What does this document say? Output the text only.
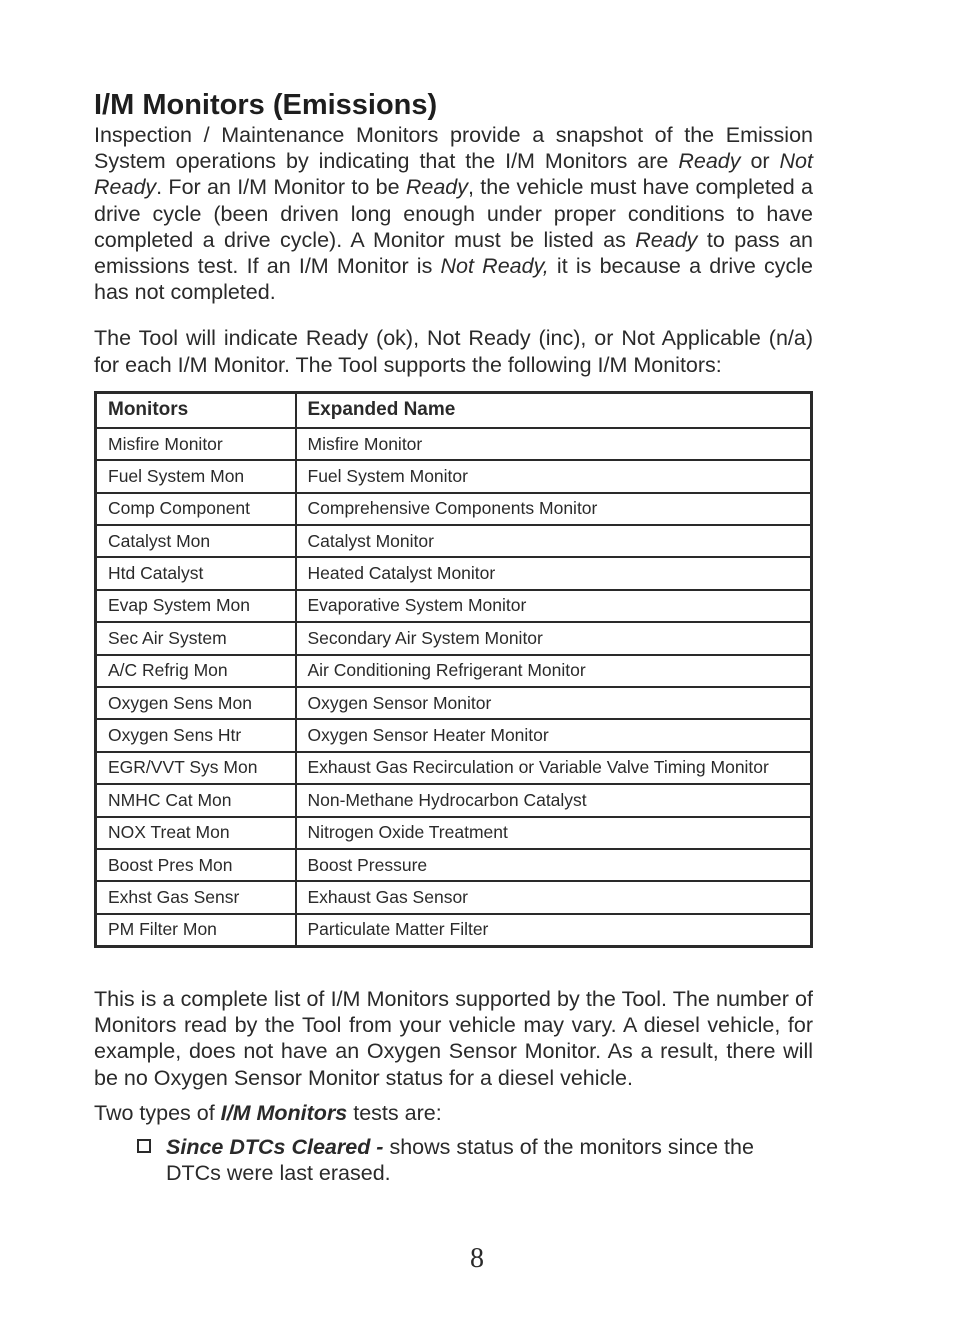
I/M Monitors (Emissions)

Inspection / Maintenance Monitors provide a snapshot of the Emission System operations by indicating that the I/M Monitors are Ready or Not Ready. For an I/M Monitor to be Ready, the vehicle must have completed a drive cycle (been driven long enough under proper conditions to have completed a drive cycle). A Monitor must be listed as Ready to pass an emissions test. If an I/M Monitor is Not Ready, it is because a drive cycle has not completed.

The Tool will indicate Ready (ok), Not Ready (inc), or Not Applicable (n/a) for each I/M Monitor. The Tool supports the following I/M Monitors:

Monitors	Expanded Name
Misfire Monitor	Misfire Monitor
Fuel System Mon	Fuel System Monitor
Comp Component	Comprehensive Components Monitor
Catalyst Mon	Catalyst Monitor
Htd Catalyst	Heated Catalyst Monitor
Evap System Mon	Evaporative System Monitor
Sec Air System	Secondary Air System Monitor
A/C Refrig Mon	Air Conditioning Refrigerant Monitor
Oxygen Sens Mon	Oxygen Sensor Monitor
Oxygen Sens Htr	Oxygen Sensor Heater Monitor
EGR/VVT Sys Mon	Exhaust Gas Recirculation or Variable Valve Timing Monitor
NMHC Cat Mon	Non-Methane Hydrocarbon Catalyst
NOX Treat Mon	Nitrogen Oxide Treatment
Boost Pres Mon	Boost Pressure
Exhst Gas Sensr	Exhaust Gas Sensor
PM Filter Mon	Particulate Matter Filter

This is a complete list of I/M Monitors supported by the Tool. The number of Monitors read by the Tool from your vehicle may vary. A diesel vehicle, for example, does not have an Oxygen Sensor Monitor. As a result, there will be no Oxygen Sensor Monitor status for a diesel vehicle.

Two types of I/M Monitors tests are:

Since DTCs Cleared - shows status of the monitors since the DTCs were last erased.
8
